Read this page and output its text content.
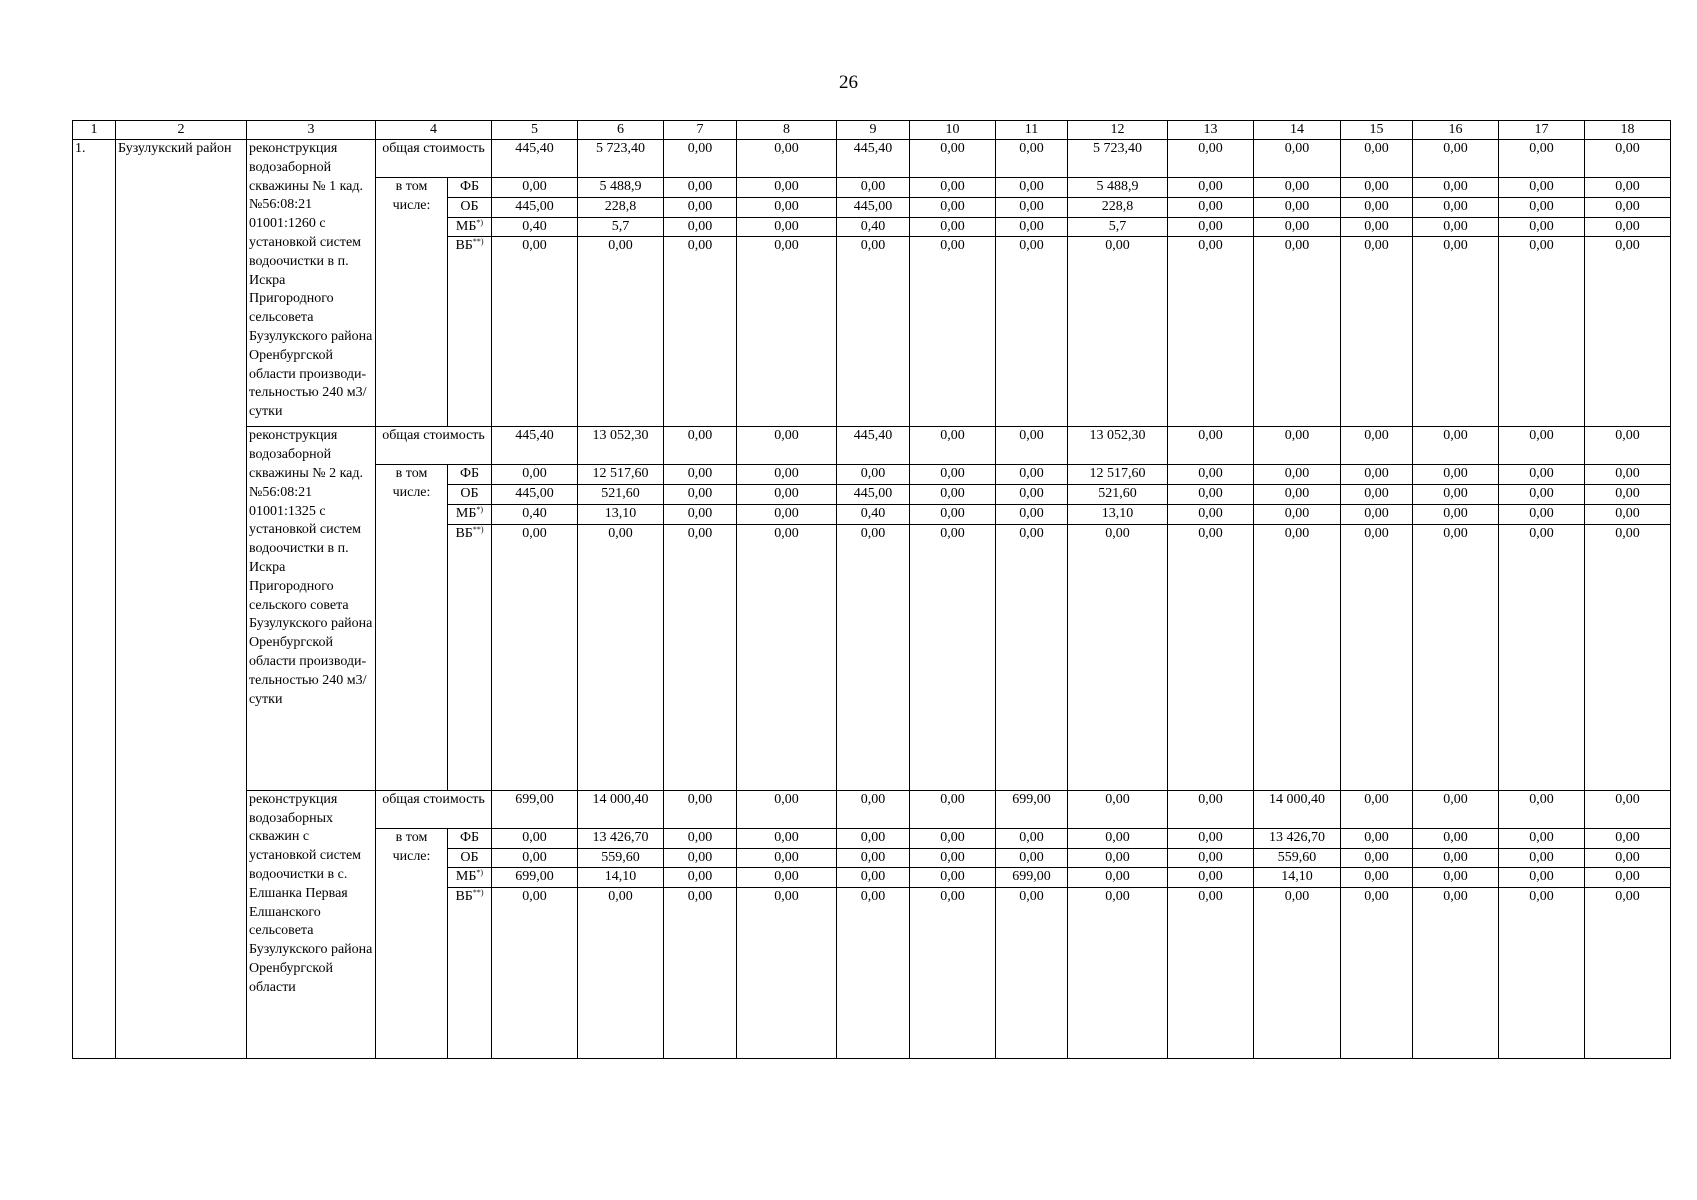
26
1	2	3	4		5	6	7	8	9	10	11	12	13	14	15	16	17	18
1.	Бузулукский район	реконструкция водозаборной скважины № 1 кад.№56:08:21 01001:1260 с установкой систем водоочистки в п. Искра Пригородного сельсовета Бузулукского района Оренбургской области производи-тельностью 240 м3/сутки	общая стоимость		445,40	5 723,40	0,00	0,00	445,40	0,00	0,00	5 723,40	0,00	0,00	0,00	0,00	0,00	0,00
			в том числе:	ФБ	0,00	5 488,9	0,00	0,00	0,00	0,00	0,00	5 488,9	0,00	0,00	0,00	0,00	0,00	0,00
				ОБ	445,00	228,8	0,00	0,00	445,00	0,00	0,00	228,8	0,00	0,00	0,00	0,00	0,00	0,00
				МБ*)	0,40	5,7	0,00	0,00	0,40	0,00	0,00	5,7	0,00	0,00	0,00	0,00	0,00	0,00
				ВБ**)	0,00	0,00	0,00	0,00	0,00	0,00	0,00	0,00	0,00	0,00	0,00	0,00	0,00	0,00

		реконструкция водозаборной скважины № 2 кад.№56:08:21 01001:1325 с установкой систем водоочистки в п. Искра Пригородного сельского совета Бузулукского района Оренбургской области производи-тельностью 240 м3/сутки	общая стоимость		445,40	13 052,30	0,00	0,00	445,40	0,00	0,00	13 052,30	0,00	0,00	0,00	0,00	0,00	0,00
			в том числе:	ФБ	0,00	12 517,60	0,00	0,00	0,00	0,00	0,00	12 517,60	0,00	0,00	0,00	0,00	0,00	0,00
				ОБ	445,00	521,60	0,00	0,00	445,00	0,00	0,00	521,60	0,00	0,00	0,00	0,00	0,00	0,00
				МБ*)	0,40	13,10	0,00	0,00	0,40	0,00	0,00	13,10	0,00	0,00	0,00	0,00	0,00	0,00
				ВБ**)	0,00	0,00	0,00	0,00	0,00	0,00	0,00	0,00	0,00	0,00	0,00	0,00	0,00	0,00

		реконструкция водозаборных скважин с установкой систем водоочистки в с. Елшанка Первая Елшанского сельсовета Бузулукского района Оренбургской области	общая стоимость		699,00	14 000,40	0,00	0,00	0,00	0,00	699,00	0,00	0,00	14 000,40	0,00	0,00	0,00	0,00
			в том числе:	ФБ	0,00	13 426,70	0,00	0,00	0,00	0,00	0,00	0,00	0,00	13 426,70	0,00	0,00	0,00	0,00
				ОБ	0,00	559,60	0,00	0,00	0,00	0,00	0,00	0,00	0,00	559,60	0,00	0,00	0,00	0,00
				МБ*)	699,00	14,10	0,00	0,00	0,00	0,00	699,00	0,00	0,00	14,10	0,00	0,00	0,00	0,00
				ВБ**)	0,00	0,00	0,00	0,00	0,00	0,00	0,00	0,00	0,00	0,00	0,00	0,00	0,00	0,00
